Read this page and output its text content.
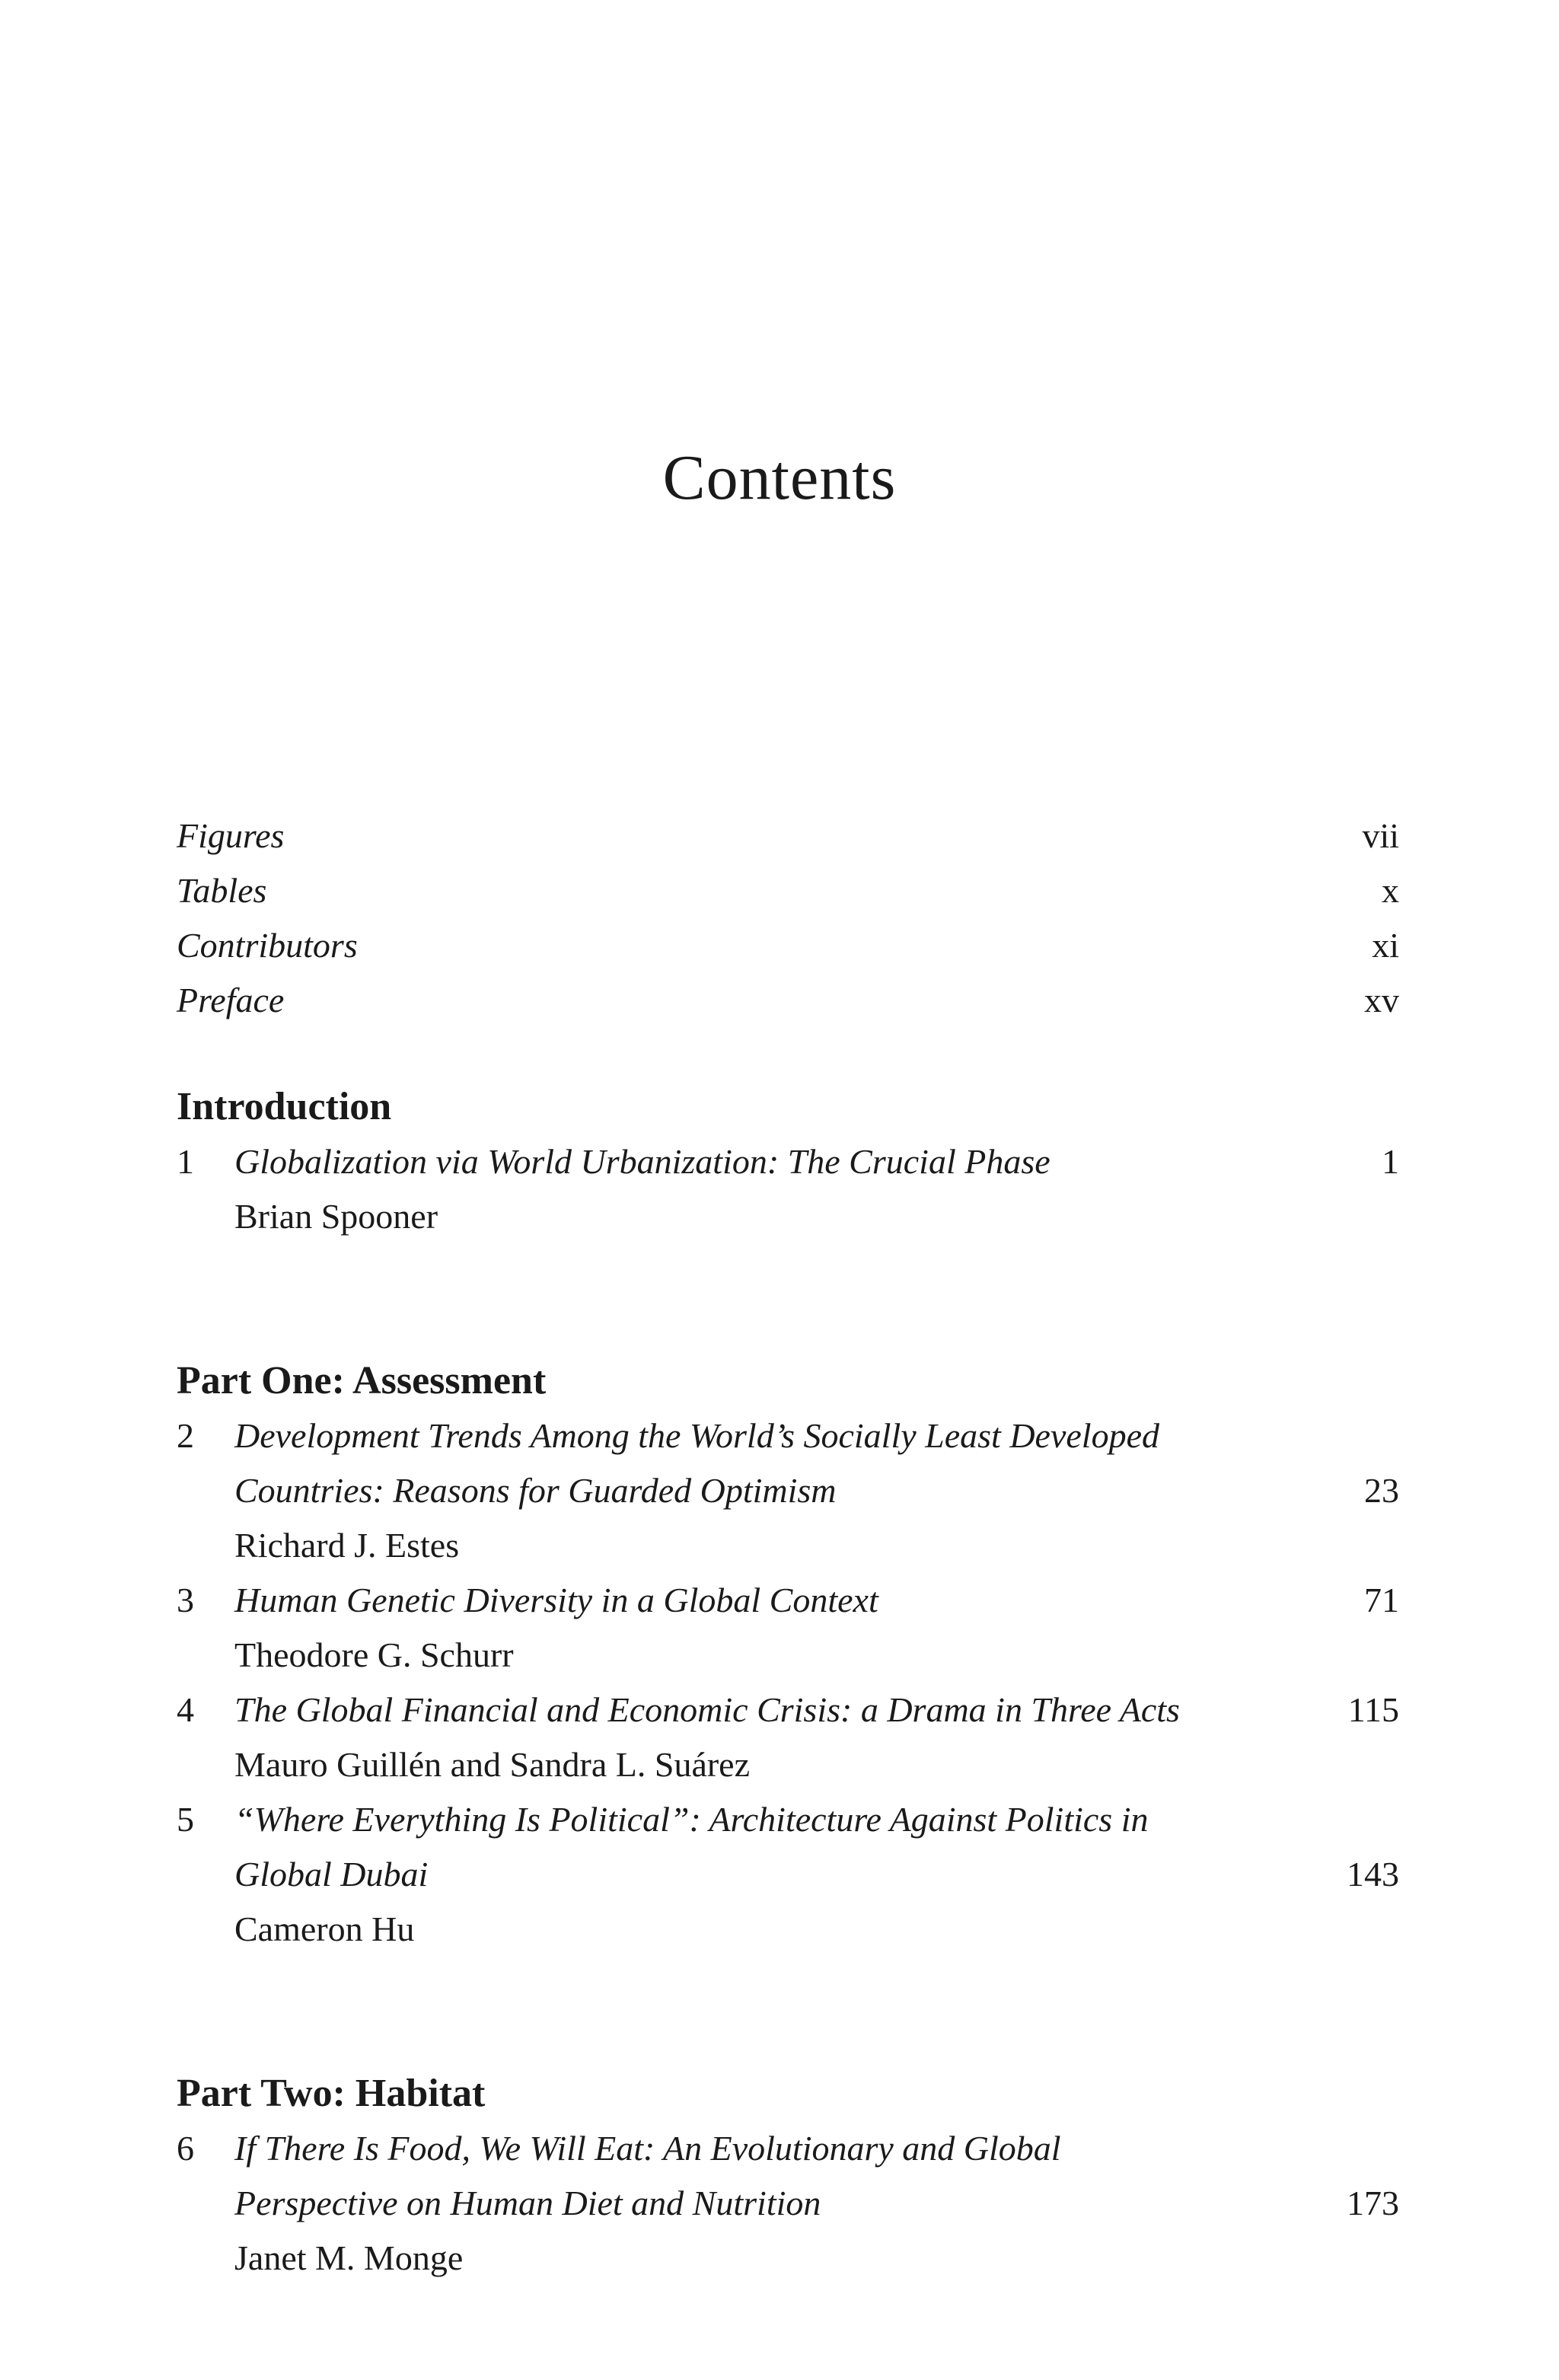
Contents
Figures	vii
Tables	x
Contributors	xi
Preface	xv
Introduction
1	Globalization via World Urbanization: The Crucial Phase	1
Brian Spooner
Part One: Assessment
2	Development Trends Among the World’s Socially Least Developed
Countries: Reasons for Guarded Optimism	23
Richard J. Estes
3	Human Genetic Diversity in a Global Context	71
Theodore G. Schurr
4	The Global Financial and Economic Crisis: a Drama in Three Acts	115
Mauro Guillén and Sandra L. Suárez
5	“Where Everything Is Political”: Architecture Against Politics in
Global Dubai	143
Cameron Hu
Part Two: Habitat
6	If There Is Food, We Will Eat: An Evolutionary and Global
Perspective on Human Diet and Nutrition	173
Janet M. Monge
